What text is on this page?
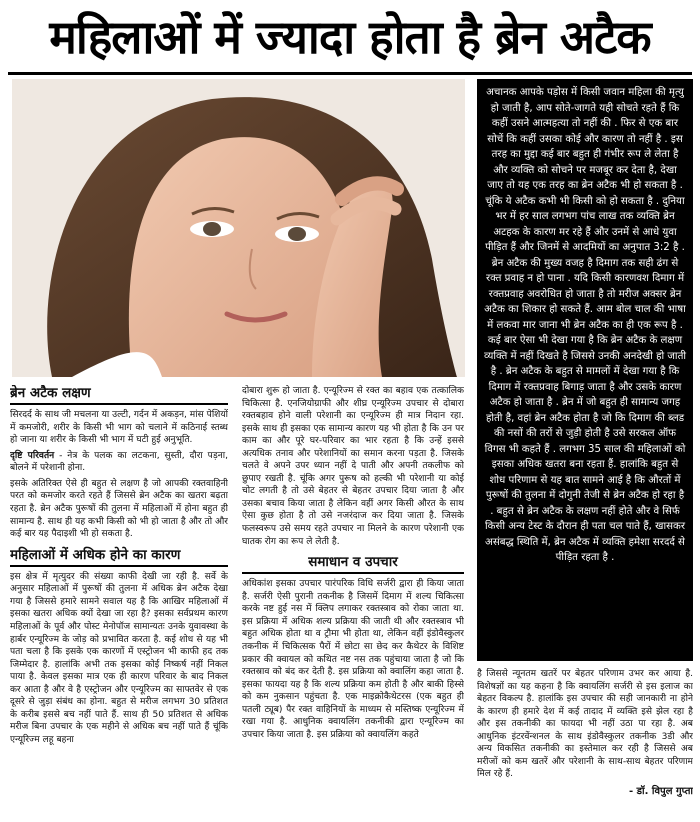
महिलाओं में ज्यादा होता है ब्रेन अटैक
अचानक आपके पड़ोस में किसी जवान महिला की मृत्यु हो जाती है, आप सोते-जागते यही सोचते रहते हैं कि कहीं उसने आत्महत्या तो नहीं की . फिर से एक बार सोचें कि कहीं उसका कोई और कारण तो नहीं है . इस तरह का मुद्दा कई बार बहुत ही गंभीर रूप ले लेता है और व्यक्ति को सोचने पर मजबूर कर देता है, देखा जाए तो यह एक तरह का ब्रेन अटैक भी हो सकता है . चूंकि ये अटैक कभी भी किसी को हो सकता है . दुनिया भर में हर साल लगभग पांच लाख तक व्यक्ति ब्रेन अटहक के कारण मर रहे हैं और उनमें से आधे युवा पीड़ित हैं और जिनमें से आदमियों का अनुपात 3:2 है . ब्रेन अटैक की मुख्य वजह है दिमाग तक सही ढंग से रक्त प्रवाह न हो पाना . यदि किसी कारणवश दिमाग में रक्तप्रवाह अवरोधित हो जाता है तो मरीज अक्सर ब्रेन अटैक का शिकार हो सकते हैं. आम बोल चाल की भाषा में लकवा मार जाना भी ब्रेन अटैक का ही एक रूप है . कई बार ऐसा भी देखा गया है कि ब्रेन अटैक के लक्षण व्यक्ति में नहीं दिखते है जिससे उनकी अनदेखी हो जाती है . ब्रेन अटैक के बहुत से मामलों में देखा गया है कि दिमाग में रक्तप्रवाह बिगाड़ जाता है और उसके कारण अटैक हो जाता है . ब्रेन में जो बहुत ही सामान्य जगह होती है, वहां ब्रेन अटैक होता है जो कि दिमाग की ब्लड की नसों की तरों से जुड़ी होती है उसे सरकल ऑफ विगस भी कहते हैं . लगभग 35 साल की महिलाओं को इसका अधिक खतरा बना रहता हैं. हालांकि बहुत से शोध परिणाम से यह बात सामने आई है कि औरतों में पुरूषों की तुलना में दोगुनी तेजी से ब्रेन अटैक हो रहा है . बहुत से ब्रेन अटैक के लक्षण नहीं होते और वे सिर्फ किसी अन्य टेस्ट के दौरान ही पता चल पाते हैं, खासकर असंबद्ध स्थिति में, ब्रेन अटैक में व्यक्ति हमेशा सरदर्द से पीड़ित रहता है .
ब्रेन अटैक लक्षण

सिरदर्द के साथ जी मचलना या उल्टी, गर्दन में अकड़न, मांस पेशियों में कमजोरी, शरीर के किसी भी भाग को चलाने में कठिनाई स्तब्ध हो जाना या शरीर के किसी भी भाग में घटी हुई अनुभूति.

दृष्टि परिवर्तन - नेत्र के पलक का लटकना, सुस्ती, दौरा पड़ना, बोलने में परेशानी होना.

इसके अतिरिक्त ऐसे ही बहुत से लक्षण है जो आपकी रक्तवाहिनी परत को कमजोर करते रहते हैं जिससे ब्रेन अटैक का खतरा बढ़ता रहता है. ब्रेन अटैक पुरूषों की तुलना में महिलाओं में होना बहुत ही सामान्य है. साथ ही यह कभी किसी को भी हो जाता है और तो और कई बार यह पैदाइशी भी हो सकता है.

महिलाओं में अधिक होने का कारण

इस क्षेत्र में मृत्युदर की संख्या काफी देखी जा रही है. सर्वे के अनुसार महिलाओं में पुरूषों की तुलना में अधिक ब्रेन अटैक देखा गया है जिससे हमारे सामने सवाल यह है कि आखिर महिलाओं में इसका खतरा अधिक क्यों देखा जा रहा है? इसका सर्वप्रथम कारण महिलाओं के पूर्व और पोस्ट मेनोपॉज सामान्यतः उनके युवावस्था के हार्बर एन्यूरिज्म के जोड़ को प्रभावित करता है. कई शोध से यह भी पता चला है कि इसके एक कारणों में एस्ट्रोजन भी काफी हद तक जिम्मेदार है. हालांकि अभी तक इसका कोई निष्कर्ष नहीं निकल पाया है. केवल इसका मात्र एक ही कारण परिवार के बाद निकल कर आता है और वे है एस्ट्रोजन और एन्यूरिज्म का साफ्तवेर से एक दूसरे से जुड़ा संबंध का होना. बहुत से मरीज लगभग 30 प्रतिशत के करीब इससे बच नहीं पाते हैं. साथ ही 50 प्रतिशत से अधिक मरीज बिना उपचार के एक महीने से अधिक बच नहीं पाते हैं चूंकि एन्यूरिज्म लहू बहना

दोबारा शुरू हो जाता है. एन्यूरिज्म से रक्त का बहाव एक तत्कालिक चिकित्सा है. एनजियोग्राफी और शीघ्र एन्यूरिज्म उपचार से दोबारा रक्तबहाव होने वाली परेशानी का एन्यूरिज्म ही मात्र निदान रहा. इसके साथ ही इसका एक सामान्य कारण यह भी होता है कि उन पर काम का और पूरे घर-परिवार का भार रहता है कि उन्हें इससे अत्यधिक तनाव और परेशानियों का समान करना पड़ता है. जिसके चलते वे अपने उपर ध्यान नहीं दे पाती और अपनी तकलीफ को छुपाए रखती है. चूंकि अगर पुरूष को हल्की भी परेशानी या कोई चोट लगती है तो उसे बेहतर से बेहतर उपचार दिया जाता है और उसका बचाव किया जाता है लेकिन वहीं अगर किसी औरत के साथ ऐसा कुछ होता है तो उसे नजरंदाज कर दिया जाता है. जिसके फलस्वरूप उसे समय रहते उपचार ना मिलने के कारण परेशानी एक घातक रोग का रूप ले लेती है.

समाधान व उपचार

अधिकांश इसका उपचार पारंपरिक विधि सर्जरी द्वारा ही किया जाता है. सर्जरी ऐसी पुरानी तकनीक है जिसमें दिमाग में शल्य चिकित्सा करके नष्ट हुई नस में क्लिप लगाकर रक्तस्त्राव को रोका जाता था. इस प्रक्रिया में अधिक शल्य प्रक्रिया की जाती थी और रक्तस्त्राव भी बहुत अधिक होता था व ट्रौमा भी होता था, लेकिन वहीं इंडोवैस्कुलर तकनीक में चिकित्सक पैरों में छोटा सा छेद कर कैथेटर के विशिष्ट प्रकार की क्वायल को कथित नष्ट नस तक पहुंचाया जाता है जो कि रक्तस्राव को बंद कर देती है. इस प्रक्रिया को क्वालिंग कहा जाता है. इसका फायदा यह है कि शल्य प्रक्रिया कम होती है और बाकी हिस्से को कम नुकसान पहुंचता है. एक माइक्रोकैथेटरस (एक बहुत ही पतली ट्यूब) पैर रक्त वाहिनियों के माध्यम से मस्तिष्क एन्यूरिज्म में रखा गया है. आधुनिक क्वायलिंग तकनीकी द्वारा एन्यूरिज्म का उपचार किया जाता है. इस प्रक्रिया को क्वायलिंग कहते

है जिससे न्यूनतम खतरें पर बेहतर परिणाम उभर कर आया है. विशेषज्ञों का यह कहना है कि क्वायलिंग सर्जरी से इस इलाज का बेहतर विकल्प है. हालांकि इस उपचार की सही जानकारी ना होने के कारण ही हमारे देश में कई तादाद में व्यक्ति इसे झेल रहा है और इस तकनीकी का फायदा भी नहीं उठा पा रहा है. अब आधुनिक इंटरवेंन्शनल के साथ इंडोवैस्कुलर तकनीक 3डी और अन्य विकसित तकनीकी का इस्तेमाल कर रही है जिससे अब मरीजों को कम खतरें और परेशानी के साथ-साथ बेहतर परिणाम मिल रहे हैं.

- डॉ. विपुल गुप्ता
